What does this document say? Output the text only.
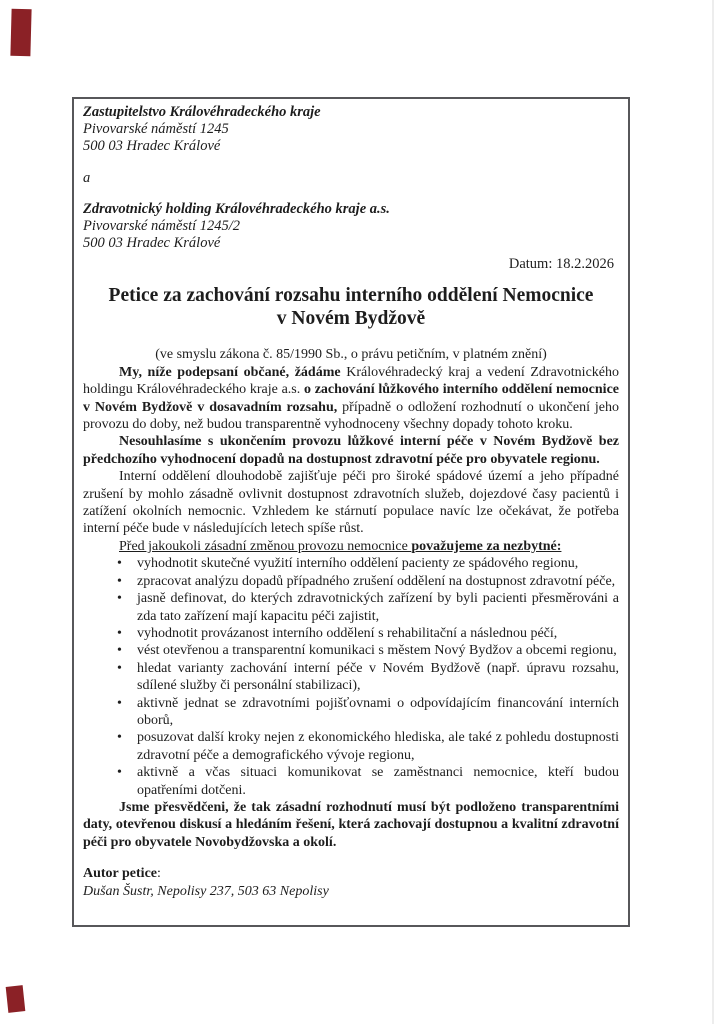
Zastupitelstvo Královéhradeckého kraje
Pivovarské náměstí 1245
500 03 Hradec Králové
a
Zdravotnický holding Královéhradeckého kraje a.s.
Pivovarské náměstí 1245/2
500 03 Hradec Králové
Datum: 18.2.2026
Petice za zachování rozsahu interního oddělení Nemocnice
v Novém Bydžově
(ve smyslu zákona č. 85/1990 Sb., o právu petičním, v platném znění)

My, níže podepsaní občané, žádáme Královéhradecký kraj a vedení Zdravotnického holdingu Královéhradeckého kraje a.s. o zachování lůžkového interního oddělení nemocnice v Novém Bydžově v dosavadním rozsahu, případně o odložení rozhodnutí o ukončení jeho provozu do doby, než budou transparentně vyhodnoceny všechny dopady tohoto kroku.

Nesouhlasíme s ukončením provozu lůžkové interní péče v Novém Bydžově bez předchozího vyhodnocení dopadů na dostupnost zdravotní péče pro obyvatele regionu.

Interní oddělení dlouhodobě zajišťuje péči pro široké spádové území a jeho případné zrušení by mohlo zásadně ovlivnit dostupnost zdravotních služeb, dojezdové časy pacientů i zatížení okolních nemocnic. Vzhledem ke stárnutí populace navíc lze očekávat, že potřeba interní péče bude v následujících letech spíše růst.

Před jakoukoli zásadní změnou provozu nemocnice považujeme za nezbytné:

• vyhodnotit skutečné využití interního oddělení pacienty ze spádového regionu,
• zpracovat analýzu dopadů případného zrušení oddělení na dostupnost zdravotní péče,
• jasně definovat, do kterých zdravotnických zařízení by byli pacienti přesměrováni a zda tato zařízení mají kapacitu péči zajistit,
• vyhodnotit provázanost interního oddělení s rehabilitační a následnou péčí,
• vést otevřenou a transparentní komunikaci s městem Nový Bydžov a obcemi regionu,
• hledat varianty zachování interní péče v Novém Bydžově (např. úpravu rozsahu, sdílené služby či personální stabilizaci),
• aktivně jednat se zdravotními pojišťovnami o odpovídajícím financování interních oborů,
• posuzovat další kroky nejen z ekonomického hlediska, ale také z pohledu dostupnosti zdravotní péče a demografického vývoje regionu,
• aktivně a včas situaci komunikovat se zaměstnanci nemocnice, kteří budou opatřeními dotčeni.

Jsme přesvědčeni, že tak zásadní rozhodnutí musí být podloženo transparentními daty, otevřenou diskusí a hledáním řešení, která zachovají dostupnou a kvalitní zdravotní péči pro obyvatele Novobydžovska a okolí.

Autor petice:

Dušan Šustr, Nepolisy 237, 503 63 Nepolisy
